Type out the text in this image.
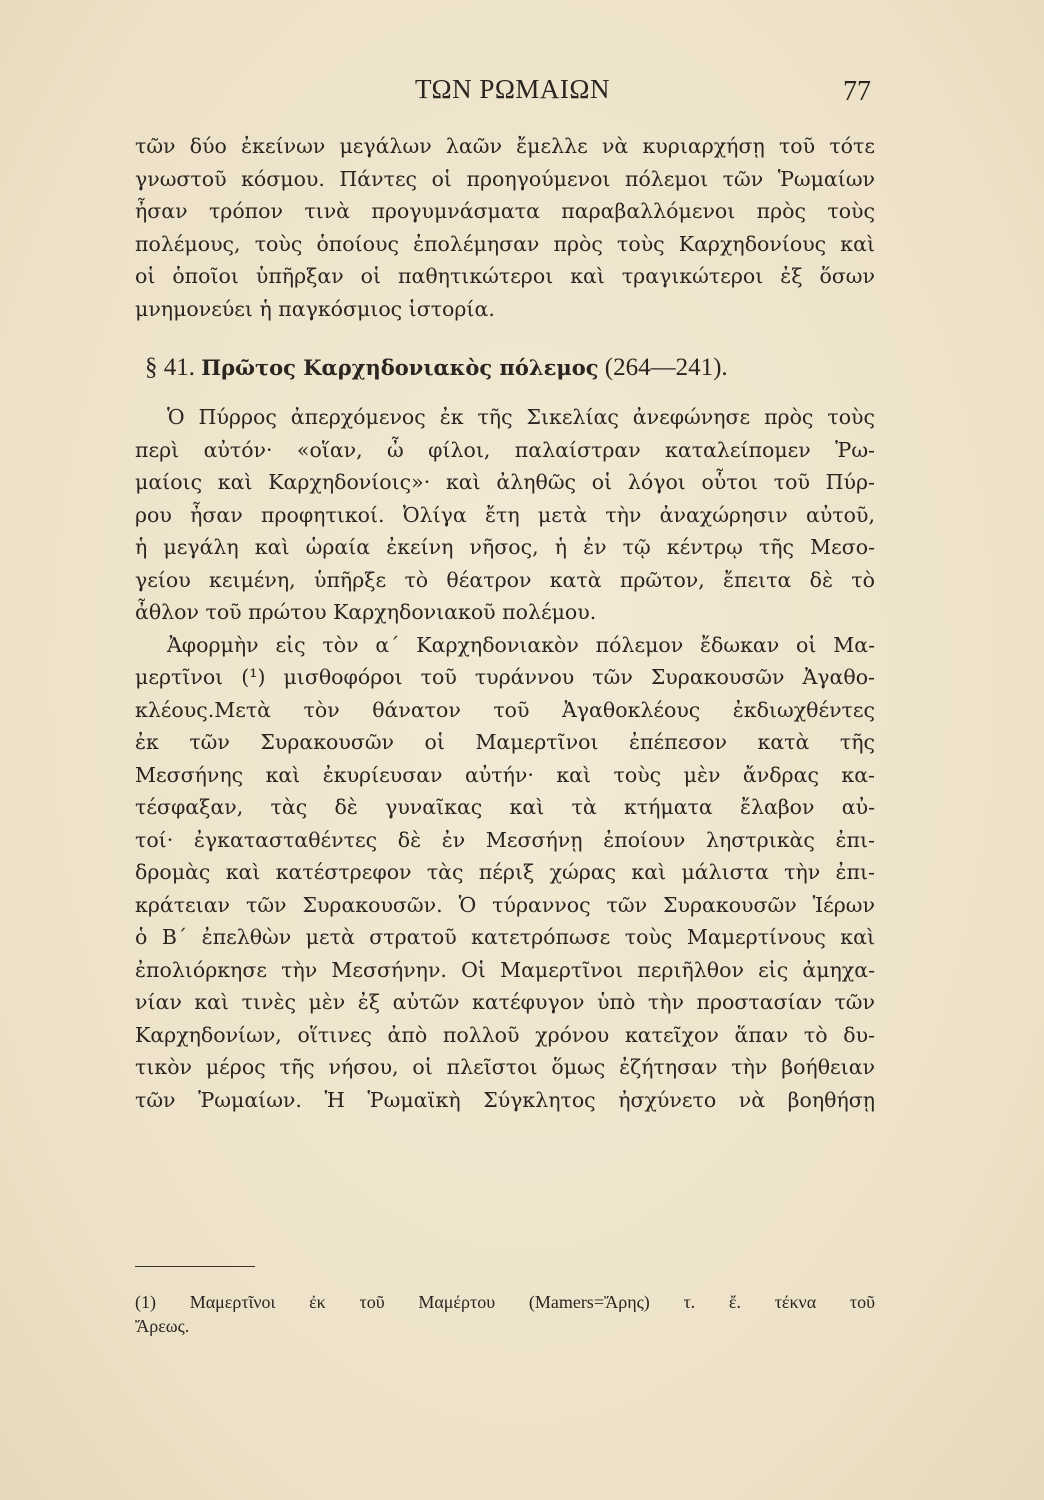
ΤΩΝ ΡΩΜΑΙΩΝ	77
τῶν δύο ἐκείνων μεγάλων λαῶν ἔμελλε νὰ κυριαρχήσῃ τοῦ τότε
γνωστοῦ κόσμου. Πάντες οἱ προηγούμενοι πόλεμοι τῶν Ῥωμαίων
ἦσαν τρόπον τινὰ προγυμνάσματα παραβαλλόμενοι πρὸς τοὺς
πολέμους, τοὺς ὁποίους ἐπολέμησαν πρὸς τοὺς Καρχηδονίους καὶ
οἱ ὁποῖοι ὑπῆρξαν οἱ παθητικώτεροι καὶ τραγικώτεροι ἐξ ὅσων
μνημονεύει ἡ παγκόσμιος ἱστορία.
§ 41. Πρῶτος Καρχηδονιακὸς πόλεμος (264—241).
Ὁ Πύρρος ἀπερχόμενος ἐκ τῆς Σικελίας ἀνεφώνησε πρὸς τοὺς
περὶ αὐτόν· «οἵαν, ὦ φίλοι, παλαίστραν καταλείπομεν Ῥω-
μαίοις καὶ Καρχηδονίοις»· καὶ ἀληθῶς οἱ λόγοι οὗτοι τοῦ Πύρ-
ρου ἦσαν προφητικοί. Ὀλίγα ἔτη μετὰ τὴν ἀναχώρησιν αὐτοῦ,
ἡ μεγάλη καὶ ὡραία ἐκείνη νῆσος, ἡ ἐν τῷ κέντρῳ τῆς Μεσο-
γείου κειμένη, ὑπῆρξε τὸ θέατρον κατὰ πρῶτον, ἔπειτα δὲ τὸ
ἆθλον τοῦ πρώτου Καρχηδονιακοῦ πολέμου.
Ἀφορμὴν εἰς τὸν α΄ Καρχηδονιακὸν πόλεμον ἔδωκαν οἱ Μα-
μερτῖνοι (¹) μισθοφόροι τοῦ τυράννου τῶν Συρακουσῶν Ἀγαθο-
κλέους.Μετὰ τὸν θάνατον τοῦ Ἀγαθοκλέους ἐκδιωχθέντες
ἐκ τῶν Συρακουσῶν οἱ Μαμερτῖνοι ἐπέπεσον κατὰ τῆς
Μεσσήνης καὶ ἐκυρίευσαν αὐτήν· καὶ τοὺς μὲν ἄνδρας κα-
τέσφαξαν, τὰς δὲ γυναῖκας καὶ τὰ κτήματα ἔλαβον αὐ-
τοί· ἐγκατασταθέντες δὲ ἐν Μεσσήνῃ ἐποίουν ληστρικὰς ἐπι-
δρομὰς καὶ κατέστρεφον τὰς πέριξ χώρας καὶ μάλιστα τὴν ἐπι-
κράτειαν τῶν Συρακουσῶν. Ὁ τύραννος τῶν Συρακουσῶν Ἱέρων
ὁ Β΄ ἐπελθὼν μετὰ στρατοῦ κατετρόπωσε τοὺς Μαμερτίνους καὶ
ἐπολιόρκησε τὴν Μεσσήνην. Οἱ Μαμερτῖνοι περιῆλθον εἰς ἀμηχα-
νίαν καὶ τινὲς μὲν ἐξ αὐτῶν κατέφυγον ὑπὸ τὴν προστασίαν τῶν
Καρχηδονίων, οἵτινες ἀπὸ πολλοῦ χρόνου κατεῖχον ἅπαν τὸ δυ-
τικὸν μέρος τῆς νήσου, οἱ πλεῖστοι ὅμως ἐζήτησαν τὴν βοήθειαν
τῶν Ῥωμαίων. Ἡ Ῥωμαϊκὴ Σύγκλητος ἠσχύνετο νὰ βοηθήσῃ
(1) Μαμερτῖνοι ἐκ τοῦ Μαμέρτου (Mamers=Ἄρης) τ. ἔ. τέκνα τοῦ
Ἄρεως.
